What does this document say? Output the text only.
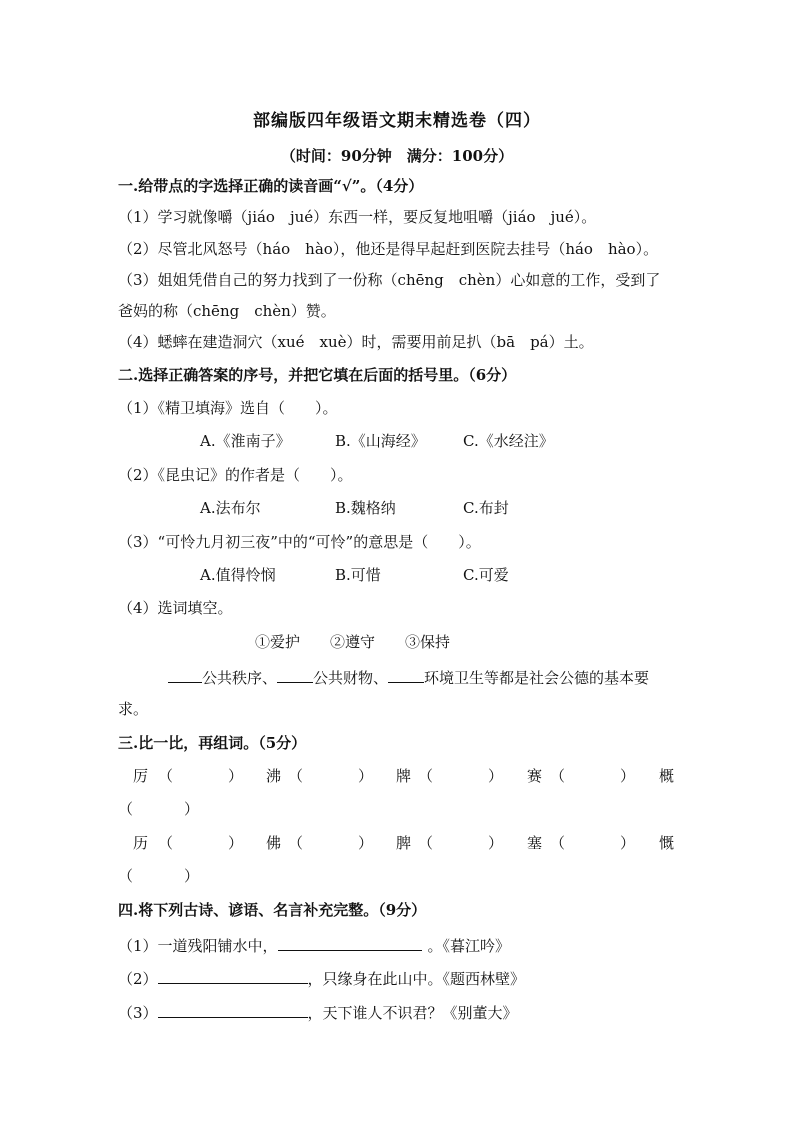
部编版四年级语文期末精选卷（四）
（时间：90分钟　满分：100分）
一.给带点的字选择正确的读音画“√”。（4分）
（1）学习就像嚼（jiáo　jué）东西一样，要反复地咀嚼（jiáo　jué）。
（2）尽管北风怒号（háo　hào），他还是得早起赶到医院去挂号（háo　hào）。
（3）姐姐凭借自己的努力找到了一份称（chēng　chèn）心如意的工作，受到了
爸妈的称（chēng　chèn）赞。
（4）蟋蟀在建造洞穴（xué　xuè）时，需要用前足扒（bā　pá）土。
二.选择正确答案的序号，并把它填在后面的括号里。（6分）
（1）《精卫填海》选自（　　）。
A.《淮南子》	B.《山海经》 C.《水经注》
（2）《昆虫记》的作者是（　　）。
A.法布尔	B.魏格纳	C.布封
（3）“可怜九月初三夜”中的“可怜”的意思是（　　）。
A.值得怜悯	B.可惜	C.可爱
（4）选词填空。
①爱护　　②遵守　　③保持
公共秩序、 公共财物、 环境卫生等都是社会公德的基本要
求。
三.比一比，再组词。（5分）
厉 （	） 沸 （	） 牌 （	） 赛 （	） 概
（	）
历 （	） 佛 （	） 脾 （	） 塞 （	） 慨
（	）
四.将下列古诗、谚语、名言补充完整。（9分）
（1）一道残阳铺水中，	。《暮江吟》
（2）	，只缘身在此山中。《题西林壁》
（3）	，天下谁人不识君？《别董大》
